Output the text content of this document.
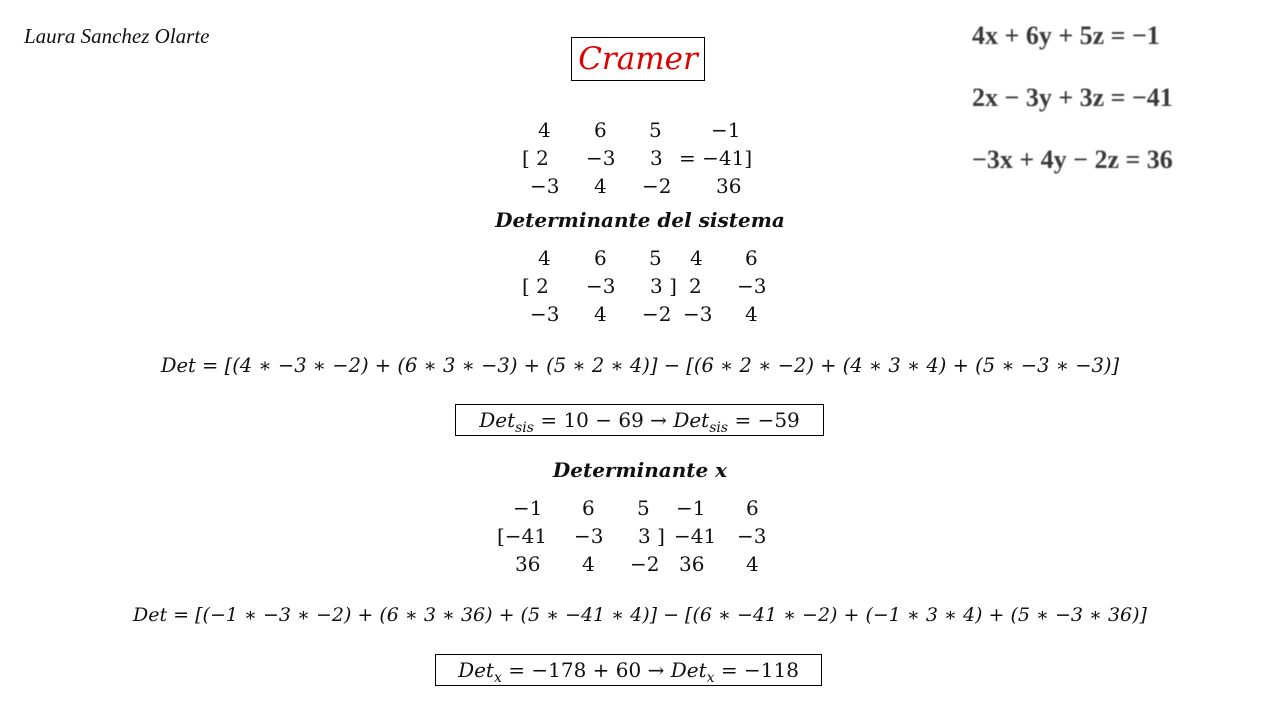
Laura Sanchez Olarte
Cramer
4x + 6y + 5z = −1
2x − 3y + 3z = −41
−3x + 4y − 2z = 36
4 6 5 −1
[ 2 −3 3 = −41]
−3 4 −2 36
Determinante del sistema
4 6 5 4 6
[ 2 −3 3 ] 2 −3
−3 4 −2 −3 4
Det = [(4 ∗ −3 ∗ −2) + (6 ∗ 3 ∗ −3) + (5 ∗ 2 ∗ 4)] − [(6 ∗ 2 ∗ −2) + (4 ∗ 3 ∗ 4) + (5 ∗ −3 ∗ −3)]
Det$_{sis}$ = 10 − 69 → Det$_{sis}$ = −59
Determinante x
−1 6 5 −1 6
[−41 −3 3 ] −41 −3
36 4 −2 36 4
Det = [(−1 ∗ −3 ∗ −2) + (6 ∗ 3 ∗ 36) + (5 ∗ −41 ∗ 4)] − [(6 ∗ −41 ∗ −2) + (−1 ∗ 3 ∗ 4) + (5 ∗ −3 ∗ 36)]
Det$_x$ = −178 + 60 → Det$_x$ = −118
